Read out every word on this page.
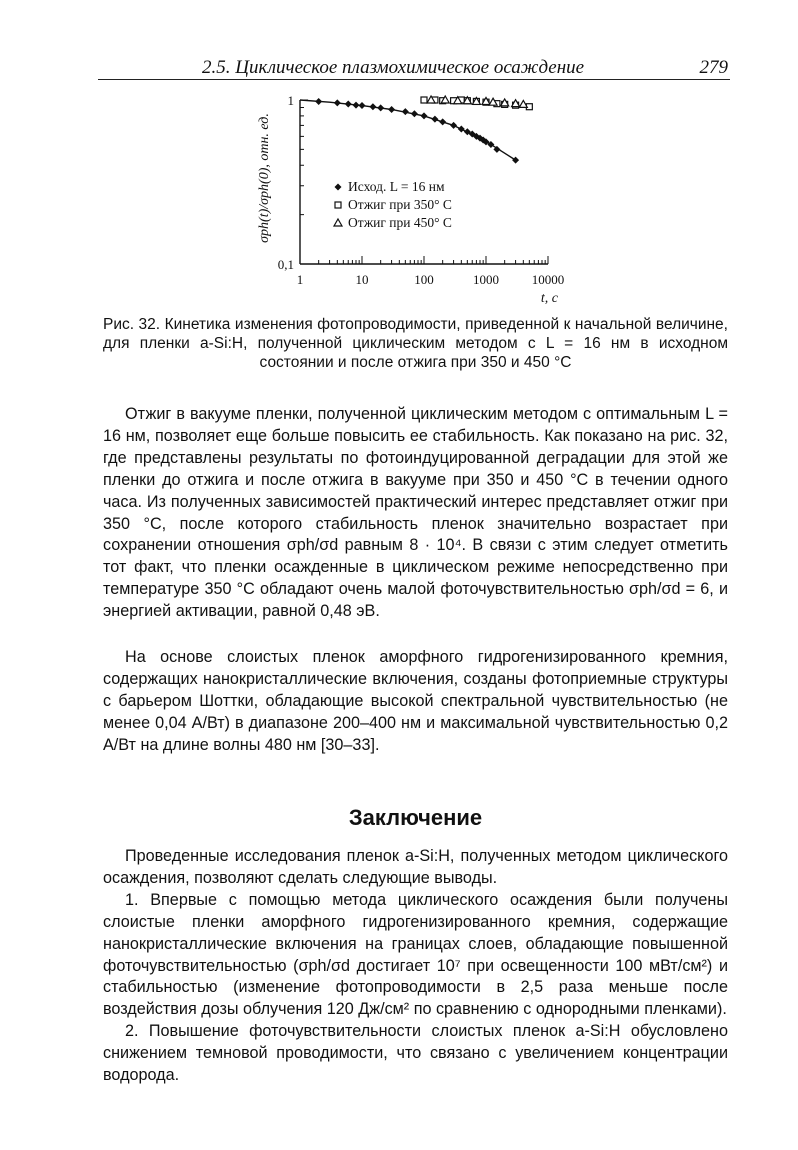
2.5. Циклическое плазмохимическое осаждение	279
1	10	100	1000	10000
1
0,1
Исход. L = 16 нм
Отжиг при 350° С
Отжиг при 450° С
σph(t)/σph(0), отн. ед.
t, с
Рис. 32. Кинетика изменения фотопроводимости, приведенной к начальной величине, для пленки a-Si:H, полученной циклическим методом с L = 16 нм в исходном состоянии и после отжига при 350 и 450 °С

Отжиг в вакууме пленки, полученной циклическим методом с оптимальным L = 16 нм, позволяет еще больше повысить ее стабильность. Как показано на рис. 32, где представлены результаты по фотоиндуцированной деградации для этой же пленки до отжига и после отжига в вакууме при 350 и 450 °С в течении одного часа. Из полученных зависимостей практический интерес представляет отжиг при 350 °С, после которого стабильность пленок значительно возрастает при сохранении отношения σph/σd равным 8 · 10⁴. В связи с этим следует отметить тот факт, что пленки осажденные в циклическом режиме непосредственно при температуре 350 °С обладают очень малой фоточувствительностью σph/σd = 6, и энергией активации, равной 0,48 эВ.

На основе слоистых пленок аморфного гидрогенизированного кремния, содержащих нанокристаллические включения, созданы фотоприемные структуры с барьером Шоттки, обладающие высокой спектральной чувствительностью (не менее 0,04 А/Вт) в диапазоне 200–400 нм и максимальной чувствительностью 0,2 А/Вт на длине волны 480 нм [30–33].

Заключение

Проведенные исследования пленок a-Si:H, полученных методом циклического осаждения, позволяют сделать следующие выводы.

1. Впервые с помощью метода циклического осаждения были получены слоистые пленки аморфного гидрогенизированного кремния, содержащие нанокристаллические включения на границах слоев, обладающие повышенной фоточувствительностью (σph/σd достигает 10⁷ при освещенности 100 мВт/см²) и стабильностью (изменение фотопроводимости в 2,5 раза меньше после воздействия дозы облучения 120 Дж/см² по сравнению с однородными пленками).

2. Повышение фоточувствительности слоистых пленок a-Si:H обусловлено снижением темновой проводимости, что связано с увеличением концентрации водорода.
